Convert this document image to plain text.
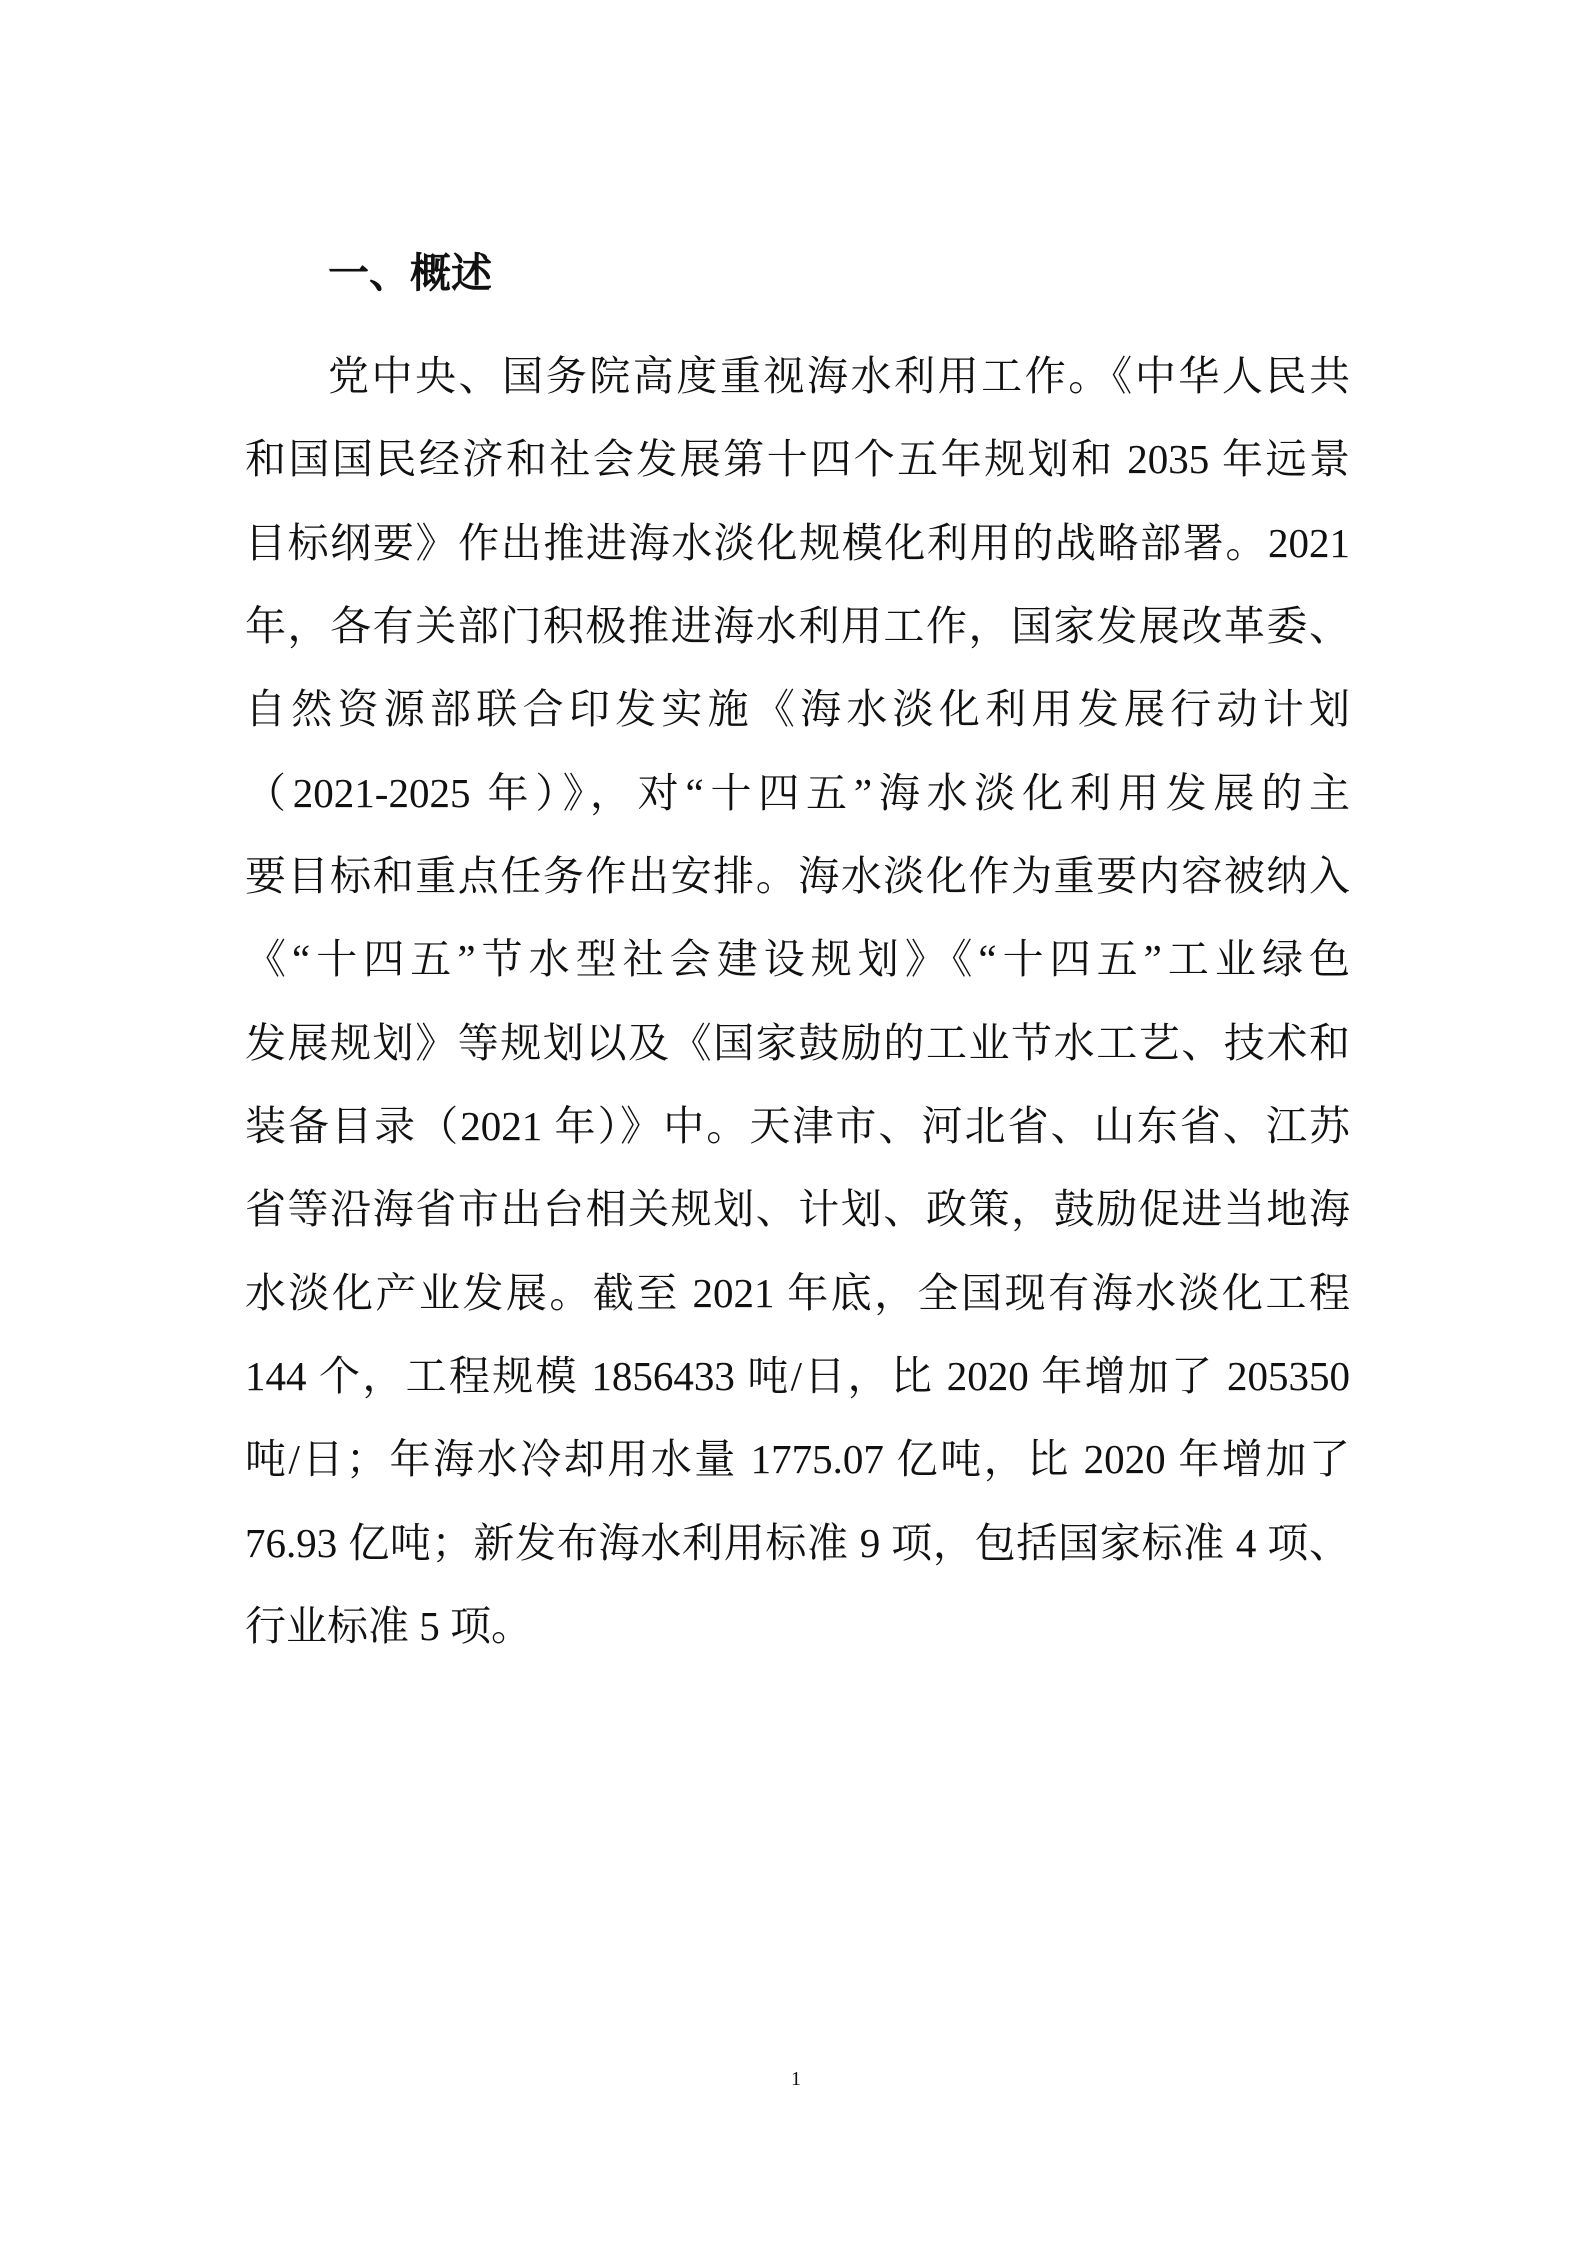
一、概述
党中央、国务院高度重视海水利用工作。《中华人民共
和国国民经济和社会发展第十四个五年规划和 2035 年远景
目标纲要》作出推进海水淡化规模化利用的战略部署。2021
年，各有关部门积极推进海水利用工作，国家发展改革委、
自然资源部联合印发实施《海水淡化利用发展行动计划
（2021-2025 年）》，对“十四五”海水淡化利用发展的主
要目标和重点任务作出安排。海水淡化作为重要内容被纳入
《“十四五”节水型社会建设规划》《“十四五”工业绿色
发展规划》等规划以及《国家鼓励的工业节水工艺、技术和
装备目录（2021 年）》中。天津市、河北省、山东省、江苏
省等沿海省市出台相关规划、计划、政策，鼓励促进当地海
水淡化产业发展。截至 2021 年底，全国现有海水淡化工程
144 个，工程规模 1856433 吨/日，比 2020 年增加了 205350
吨/日；年海水冷却用水量 1775.07 亿吨，比 2020 年增加了
76.93 亿吨；新发布海水利用标准 9 项，包括国家标准 4 项、
行业标准 5 项。
1
